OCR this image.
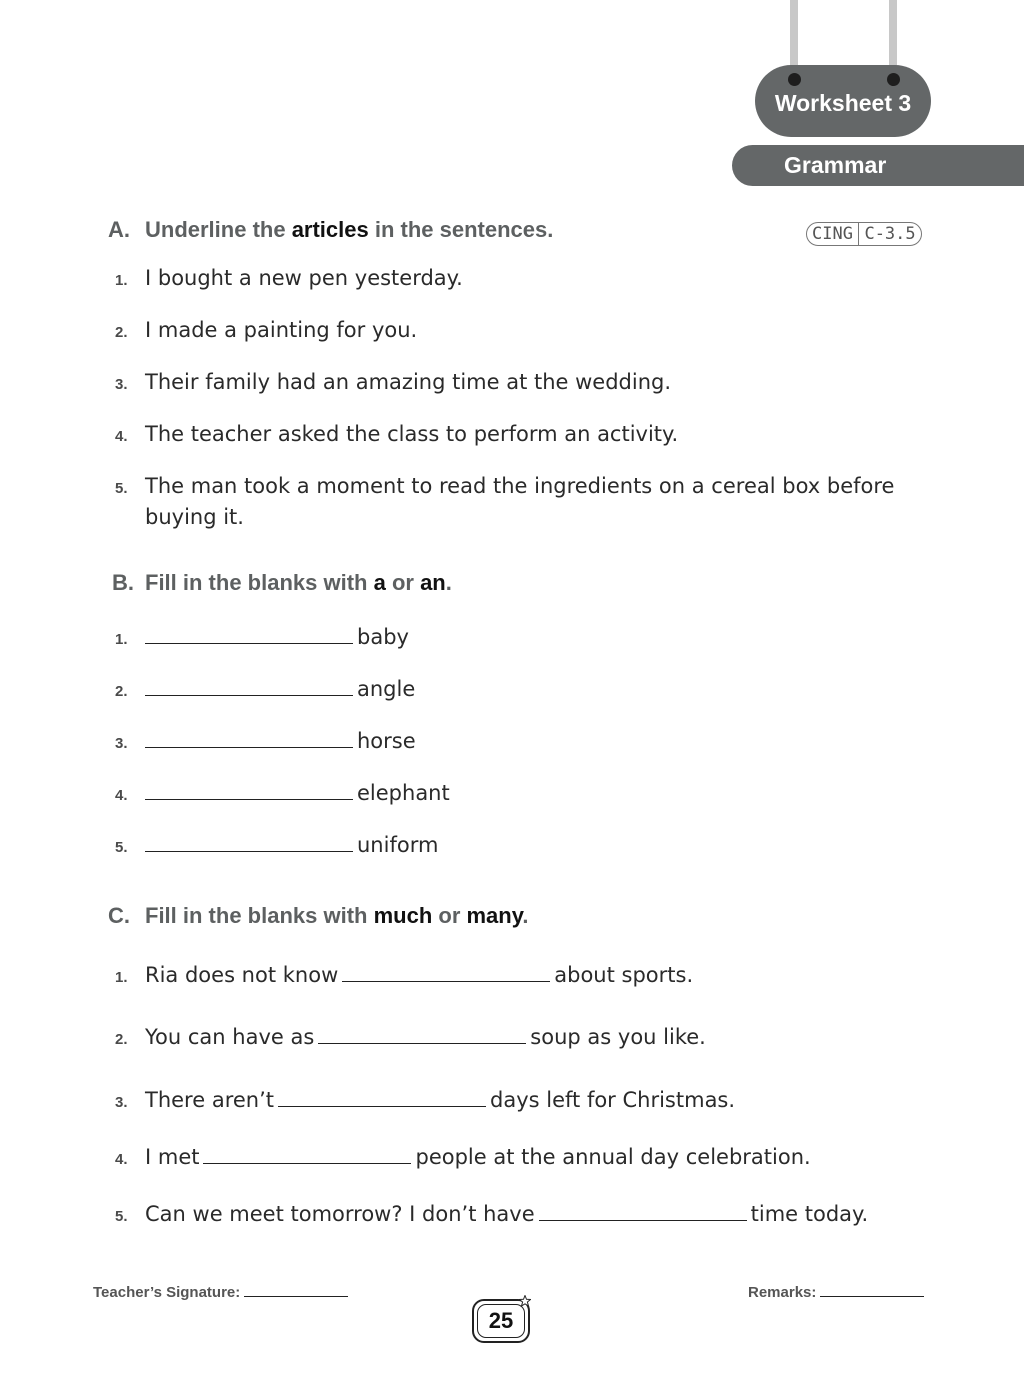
Worksheet 3
Grammar
A. Underline the articles in the sentences.	CING C-3.5
1. I bought a new pen yesterday.
2. I made a painting for you.
3. Their family had an amazing time at the wedding.
4. The teacher asked the class to perform an activity.
5. The man took a moment to read the ingredients on a cereal box before buying it.
B. Fill in the blanks with a or an.
1.	baby
2.	angle
3.	horse
4.	elephant
5.	uniform
C. Fill in the blanks with much or many.
1. Ria does not know	about sports.
2. You can have as	soup as you like.
3. There aren’t	days left for Christmas.
4. I met	people at the annual day celebration.
5. Can we meet tomorrow? I don’t have	time today.
Teacher’s Signature:	Remarks:
25
